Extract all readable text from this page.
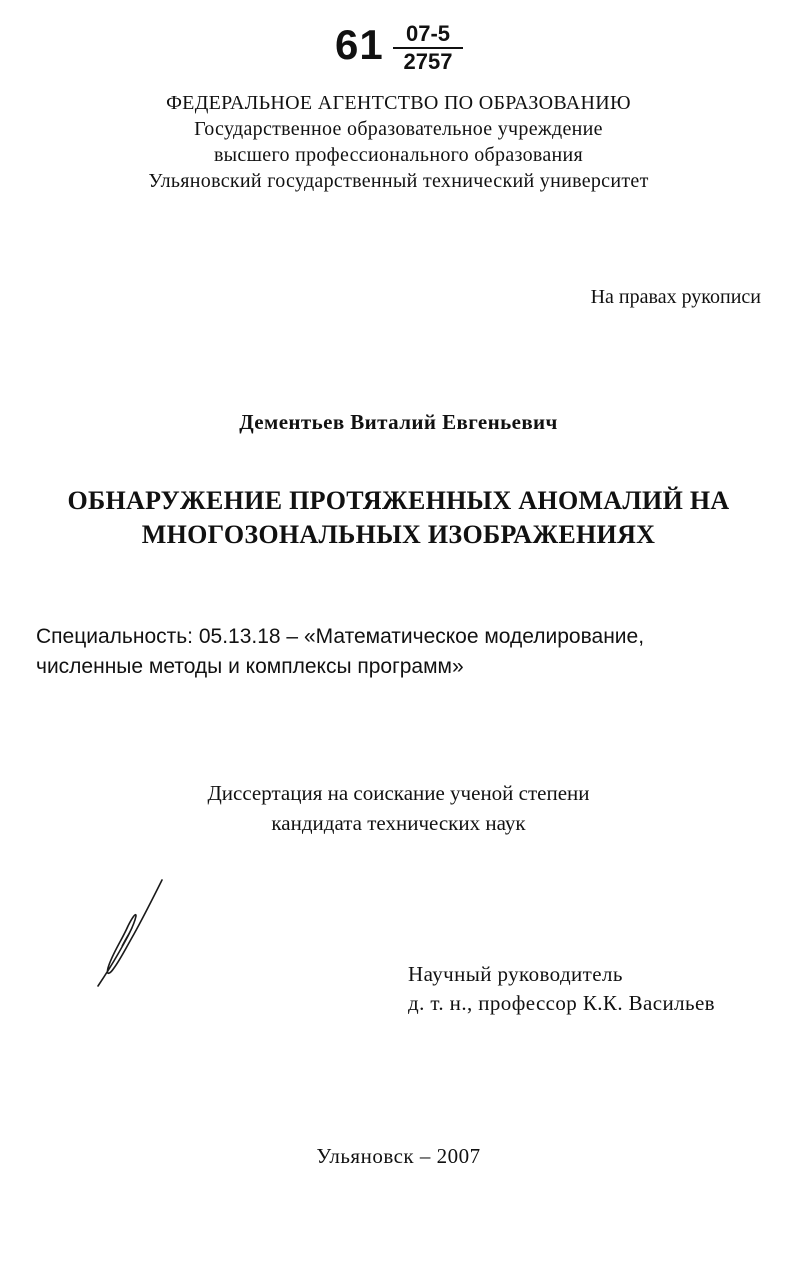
61	07-5
2757
ФЕДЕРАЛЬНОЕ АГЕНТСТВО ПО ОБРАЗОВАНИЮ
Государственное образовательное учреждение
высшего профессионального образования
Ульяновский государственный технический университет
На правах рукописи
Дементьев Виталий Евгеньевич
ОБНАРУЖЕНИЕ ПРОТЯЖЕННЫХ АНОМАЛИЙ НА
МНОГОЗОНАЛЬНЫХ ИЗОБРАЖЕНИЯХ
Специальность: 05.13.18 – «Математическое моделирование,
численные методы и комплексы программ»
Диссертация на соискание ученой степени
кандидата технических наук
Научный руководитель
д. т. н., профессор К.К. Васильев
Ульяновск – 2007
